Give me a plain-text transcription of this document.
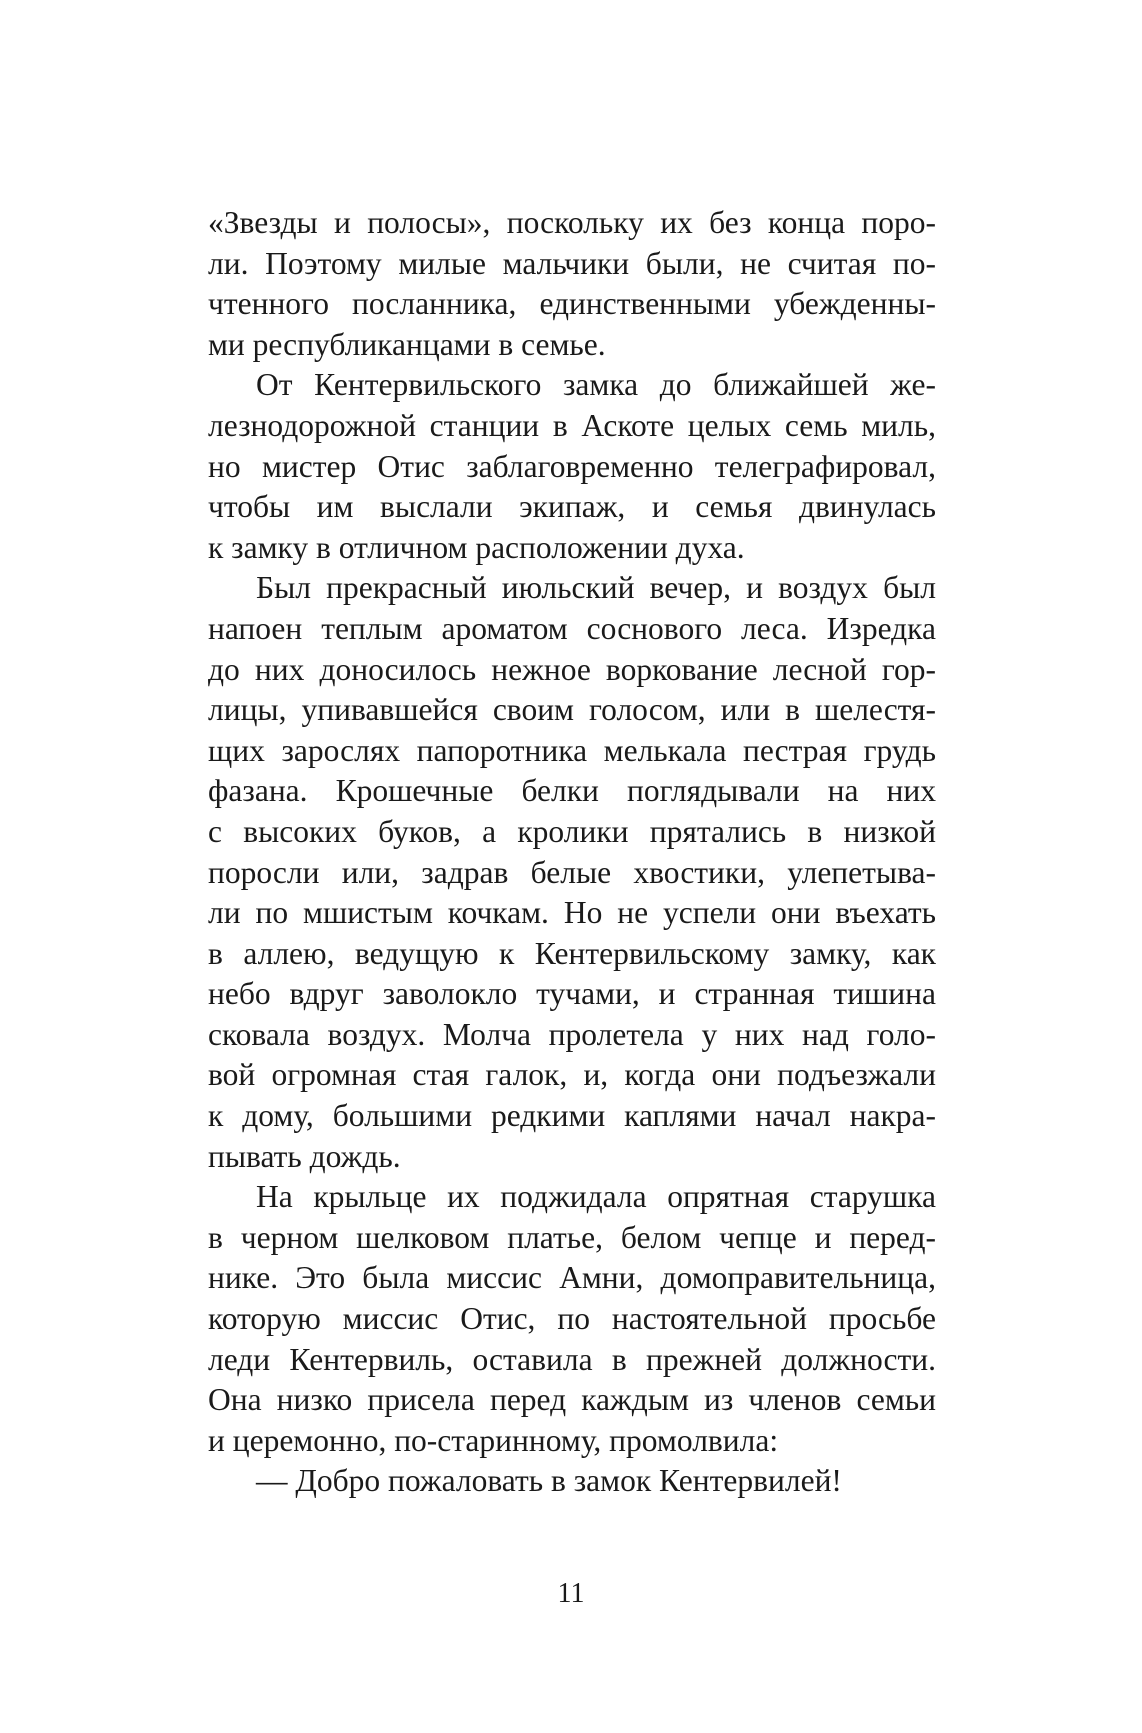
«Звезды и полосы», поскольку их без конца поро-
ли. Поэтому милые мальчики были, не считая по-
чтенного посланника, единственными убежденны-
ми республиканцами в семье.
От Кентервильского замка до ближайшей же-
лезнодорожной станции в Аскоте целых семь миль,
но мистер Отис заблаговременно телеграфировал,
чтобы им выслали экипаж, и семья двинулась
к замку в отличном расположении духа.
Был прекрасный июльский вечер, и воздух был
напоен теплым ароматом соснового леса. Изредка
до них доносилось нежное воркование лесной гор-
лицы, упивавшейся своим голосом, или в шелестя-
щих зарослях папоротника мелькала пестрая грудь
фазана. Крошечные белки поглядывали на них
с высоких буков, а кролики прятались в низкой
поросли или, задрав белые хвостики, улепетыва-
ли по мшистым кочкам. Но не успели они въехать
в аллею, ведущую к Кентервильскому замку, как
небо вдруг заволокло тучами, и странная тишина
сковала воздух. Молча пролетела у них над голо-
вой огромная стая галок, и, когда они подъезжали
к дому, большими редкими каплями начал накра-
пывать дождь.
На крыльце их поджидала опрятная старушка
в черном шелковом платье, белом чепце и перед-
нике. Это была миссис Амни, домоправительница,
которую миссис Отис, по настоятельной просьбе
леди Кентервиль, оставила в прежней должности.
Она низко присела перед каждым из членов семьи
и церемонно, по-старинному, промолвила:
— Добро пожаловать в замок Кентервилей!
11
